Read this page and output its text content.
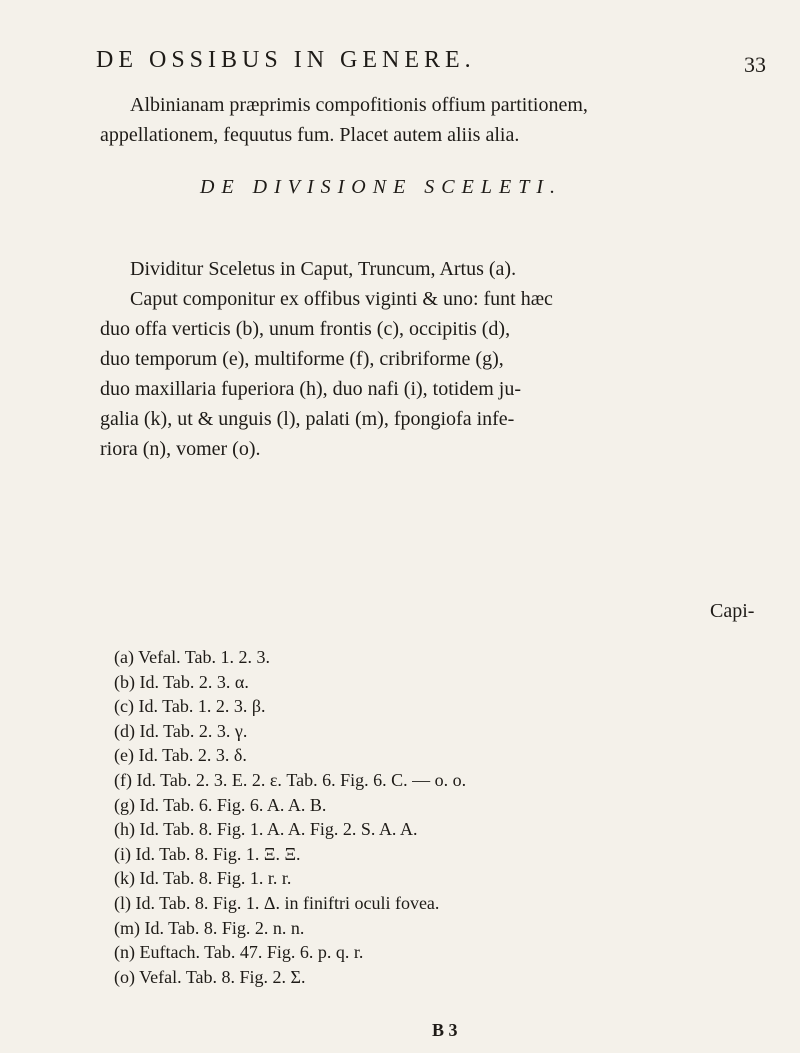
DE OSSIBUS IN GENERE.	33
Albinianam præprimis compofitionis offium partitionem,
appellationem, fequutus fum. Placet autem aliis alia.
DE DIVISIONE SCELETI.
Dividitur Sceletus in Caput, Truncum, Artus (a).
Caput componitur ex offibus viginti & uno: funt hæc
duo offa verticis (b), unum frontis (c), occipitis (d),
duo temporum (e), multiforme (f), cribriforme (g),
duo maxillaria fuperiora (h), duo nafi (i), totidem ju-
galia (k), ut & unguis (l), palati (m), fpongiofa infe-
riora (n), vomer (o).
Capi-
(a) Vefal. Tab. 1. 2. 3.
(b) Id. Tab. 2. 3. α.
(c) Id. Tab. 1. 2. 3. β.
(d) Id. Tab. 2. 3. γ.
(e) Id. Tab. 2. 3. δ.
(f) Id. Tab. 2. 3. E. 2. ε. Tab. 6. Fig. 6. C. — o. o.
(g) Id. Tab. 6. Fig. 6. A. A. B.
(h) Id. Tab. 8. Fig. 1. A. A. Fig. 2. S. A. A.
(i) Id. Tab. 8. Fig. 1. Ξ. Ξ.
(k) Id. Tab. 8. Fig. 1. r. r.
(l) Id. Tab. 8. Fig. 1. Δ. in finiftri oculi fovea.
(m) Id. Tab. 8. Fig. 2. n. n.
(n) Euftach. Tab. 47. Fig. 6. p. q. r.
(o) Vefal. Tab. 8. Fig. 2. Σ.
B 3
